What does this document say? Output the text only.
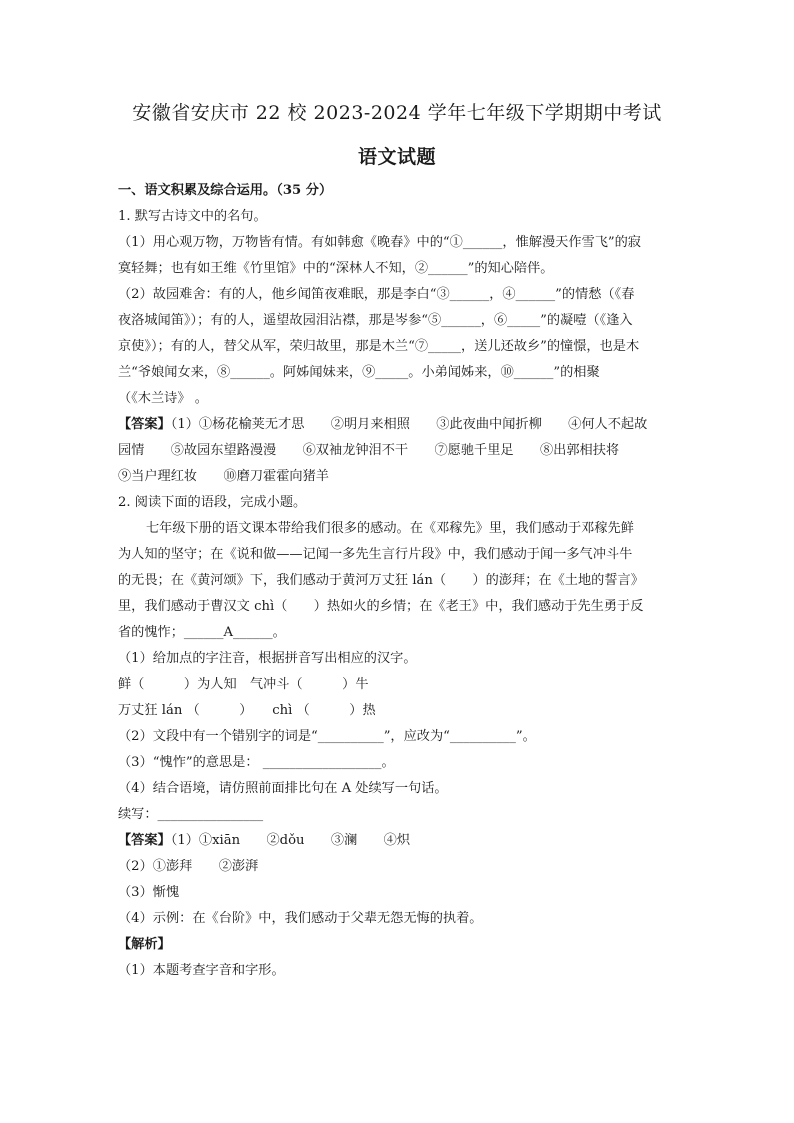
安徽省安庆市 22 校 2023-2024 学年七年级下学期期中考试
语文试题
一、语文积累及综合运用。（35 分）
1. 默写古诗文中的名句。
（1）用心观万物，万物皆有情。有如韩愈《晚春》中的“①______，惟解漫天作雪飞”的寂
寞轻舞；也有如王维《竹里馆》中的“深林人不知，②______”的知心陪伴。
（2）故园难舍：有的人，他乡闻笛夜难眠，那是李白“③______，④______”的情愁（《春
夜洛城闻笛》）；有的人，遥望故园泪沾襟，那是岑参“⑤______，⑥_____”的凝噎（《逢入
京使》）；有的人，替父从军，荣归故里，那是木兰“⑦_____，送儿还故乡”的憧憬，也是木
兰“爷娘闻女来，⑧______。阿姊闻妹来，⑨_____。小弟闻姊来，⑩______”的相聚
（《木兰诗》 。
【答案】（1）①杨花榆荚无才思　　②明月来相照　　③此夜曲中闻折柳　　④何人不起故
园情　　⑤故园东望路漫漫　　⑥双袖龙钟泪不干　　⑦愿驰千里足　　⑧出郭相扶将
⑨当户理红妆　　⑩磨刀霍霍向猪羊
2. 阅读下面的语段，完成小题。
七年级下册的语文课本带给我们很多的感动。在《邓稼先》里，我们感动于邓稼先鲜
为人知的坚守；在《说和做——记闻一多先生言行片段》中，我们感动于闻一多气冲斗牛
的无畏；在《黄河颂》下，我们感动于黄河万丈狂 lán（　　）的澎拜；在《土地的誓言》
里，我们感动于曹汉文 chì（　　）热如火的乡情；在《老王》中，我们感动于先生勇于反
省的愧怍；______A______。
（1）给加点的字注音，根据拼音写出相应的汉字。
鲜（　　　）为人知　气冲斗（　　　）牛
万丈狂 lán （　　　）　　chì （　　　）热
（2）文段中有一个错别字的词是“__________”，应改为“__________”。
（3）“愧怍”的意思是： __________________。
（4）结合语境，请仿照前面排比句在 A 处续写一句话。
续写：________________
【答案】（1）①xiān　　②dǒu　　③澜　　④炽
（2）①澎拜　　②澎湃
（3）惭愧
（4）示例：在《台阶》中，我们感动于父辈无怨无悔的执着。
【解析】
（1）本题考查字音和字形。
